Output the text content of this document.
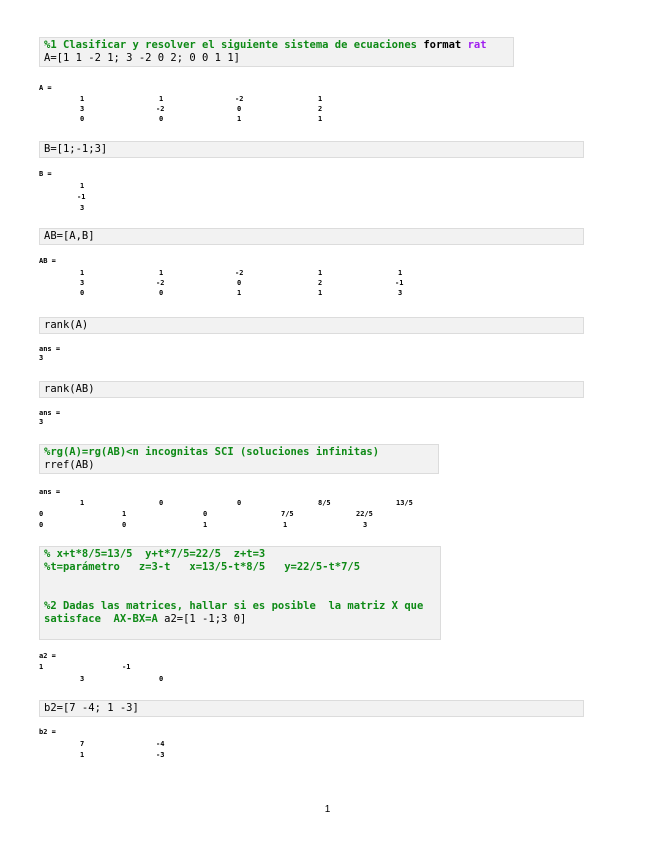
%1 Clasificar y resolver el siguiente sistema de ecuaciones format rat
A=[1 1 -2 1; 3 -2 0 2; 0 0 1 1]
A =
1	1	-2	1
3	-2	0	2
0	0	1	1
B=[1;-1;3]
B =
1
-1
3
AB=[A,B]
AB =
1	1	-2	1	1
3	-2	0	2	-1
0	0	1	1	3
rank(A)
ans =
3
rank(AB)
ans =
3
%rg(A)=rg(AB)<n incognitas SCI (soluciones infinitas)
rref(AB)
ans =
1	0	0	8/5	13/5
0	1	0	7/5	22/5
0	0	1	1	3
% x+t*8/5=13/5  y+t*7/5=22/5  z+t=3
%t=parámetro   z=3-t   x=13/5-t*8/5   y=22/5-t*7/5

%2 Dadas las matrices, hallar si es posible  la matriz X que
satisface  AX-BX=A a2=[1 -1;3 0]
a2 =
1	-1
3	0
b2=[7 -4; 1 -3]
b2 =
7	-4
1	-3
1
